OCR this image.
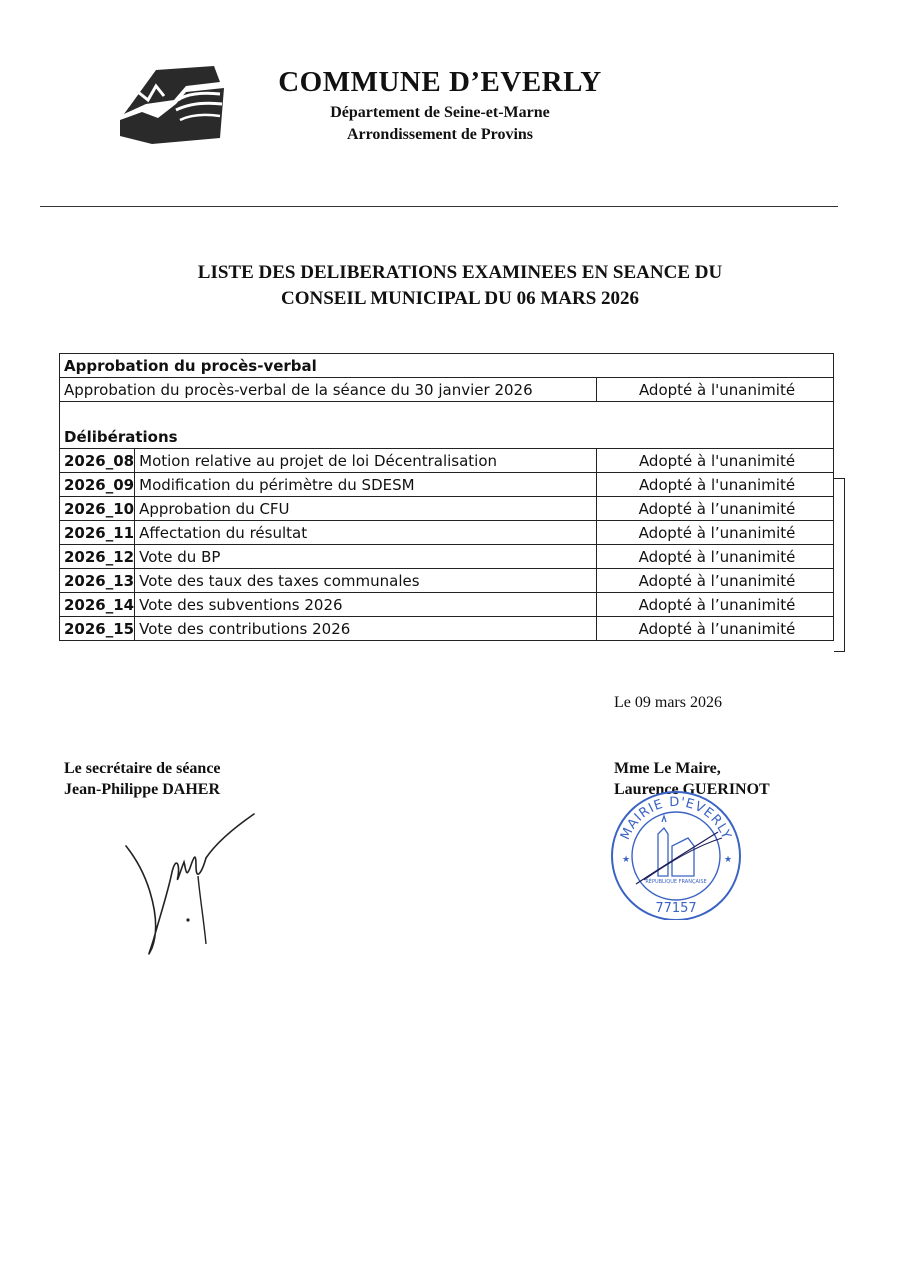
COMMUNE D’EVERLY
Département de Seine-et-Marne
Arrondissement de Provins
LISTE DES DELIBERATIONS EXAMINEES EN SEANCE DU
CONSEIL MUNICIPAL DU 06 MARS 2026
Approbation du procès-verbal		
Approbation du procès-verbal de la séance du 30 janvier 2026		Adopté à l'unanimité

Délibérations		
2026_08	Motion relative au projet de loi Décentralisation	Adopté à l'unanimité
2026_09	Modification du périmètre du SDESM	Adopté à l'unanimité
2026_10	Approbation du CFU	Adopté à l’unanimité
2026_11	Affectation du résultat	Adopté à l’unanimité
2026_12	Vote du BP	Adopté à l’unanimité
2026_13	Vote des taux des taxes communales	Adopté à l’unanimité
2026_14	Vote des subventions 2026	Adopté à l’unanimité
2026_15	Vote des contributions 2026	Adopté à l’unanimité
Le 09 mars 2026
Le secrétaire de séance
Jean-Philippe DAHER
Mme Le Maire,
Laurence GUERINOT
MAIRIE D'EVERLY
RÉPUBLIQUE FRANÇAISE
★	★
77157
